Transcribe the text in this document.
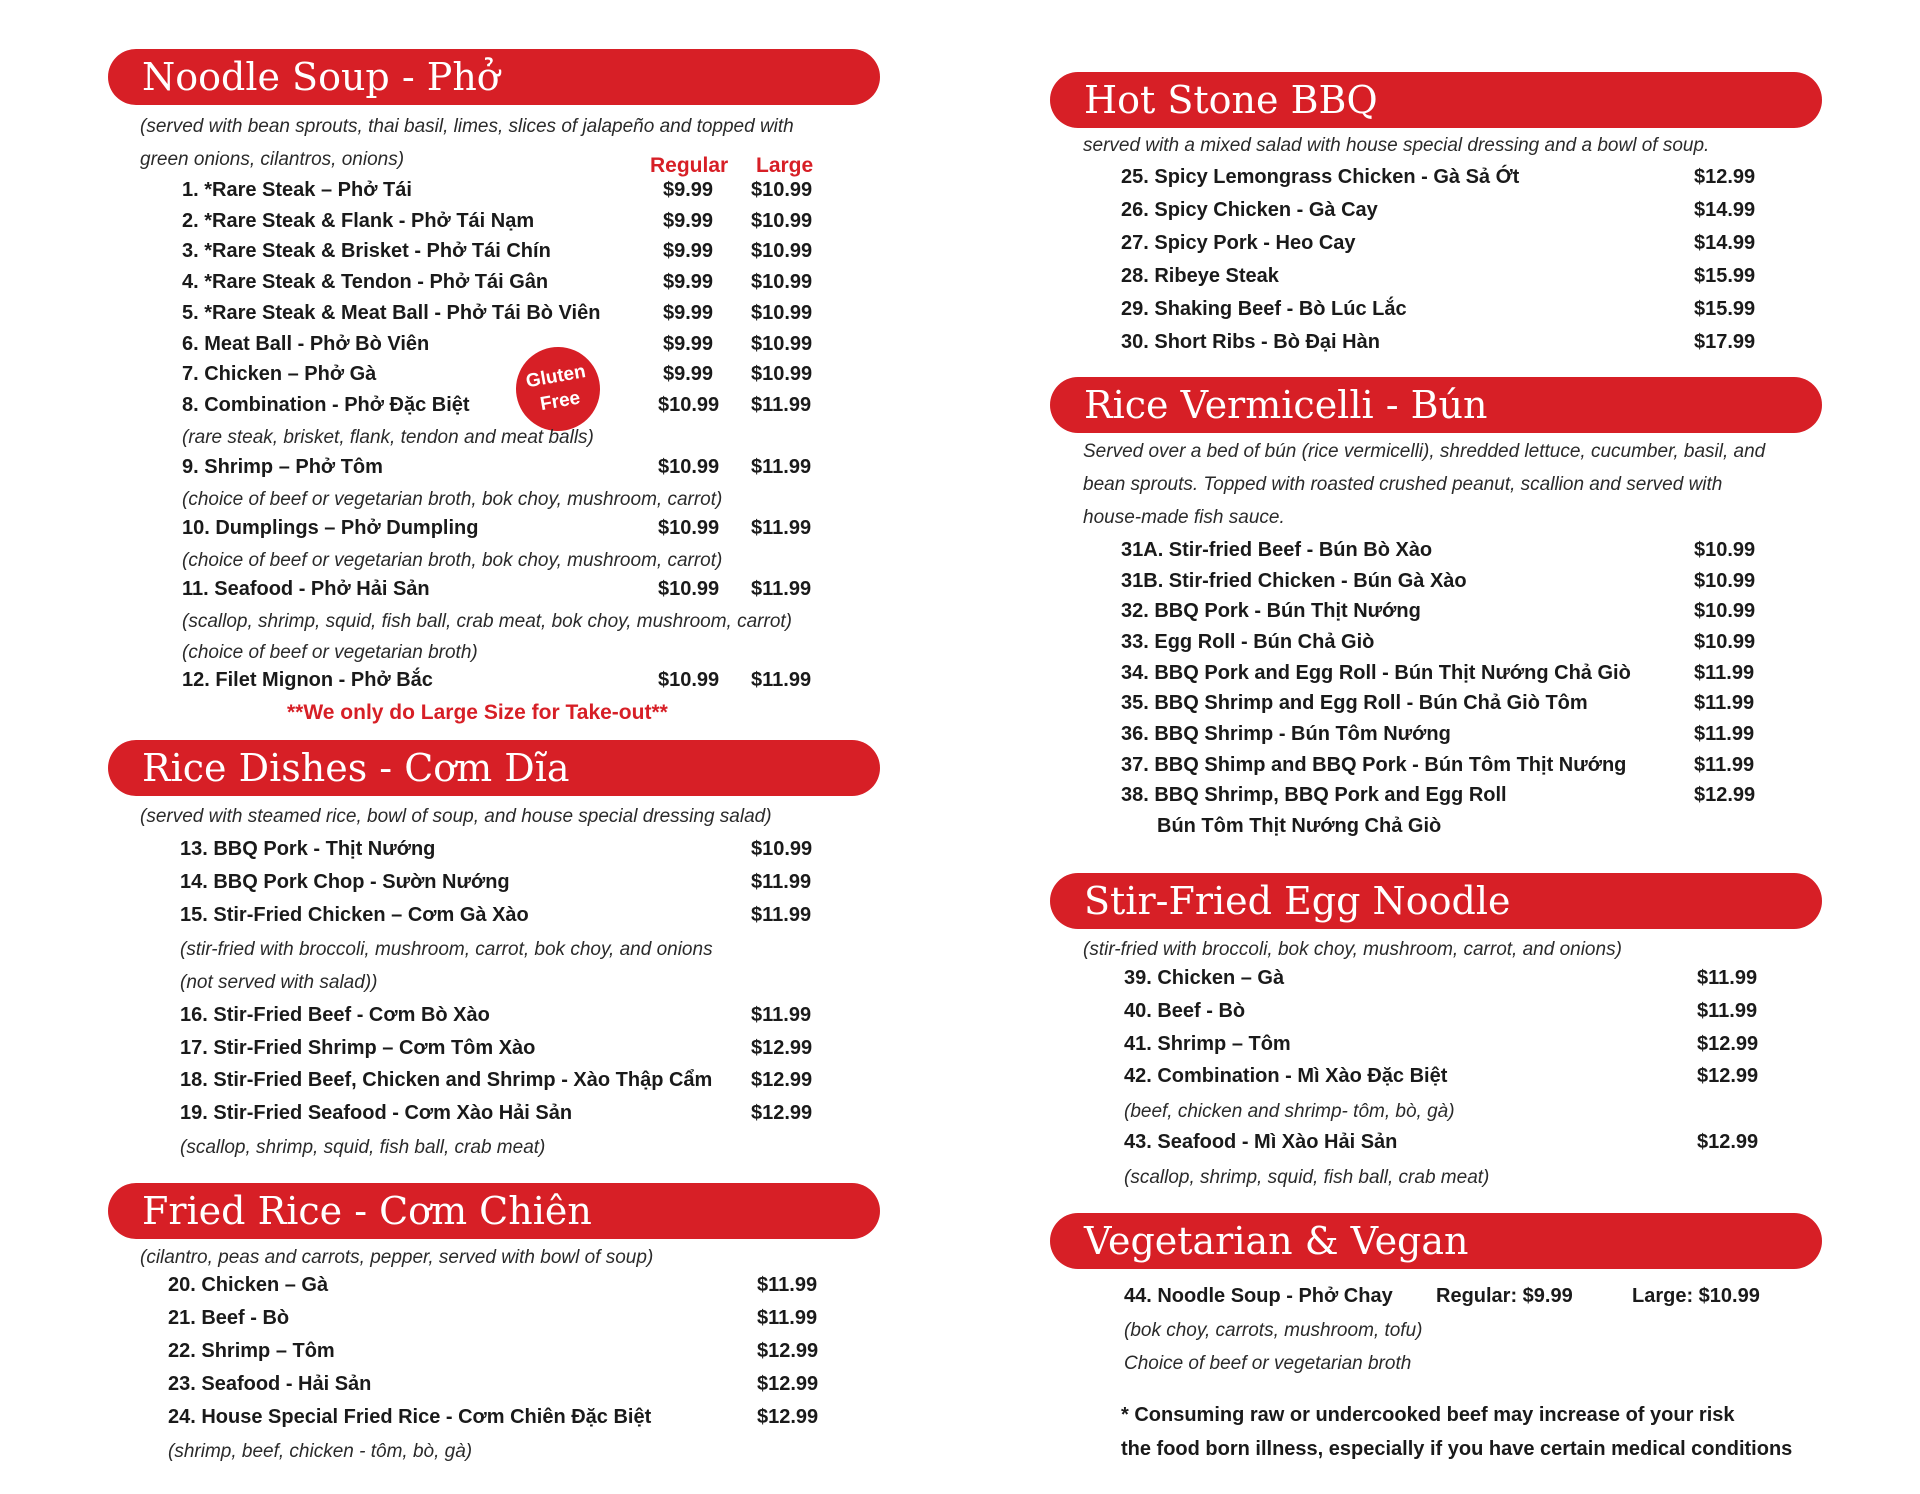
Noodle Soup - Phở
(served with bean sprouts, thai basil, limes, slices of jalapeño and topped with
green onions, cilantros, onions)	Regular Large
Gluten
Free
1. *Rare Steak – Phở Tái	$9.99 $10.99
2. *Rare Steak & Flank - Phở Tái Nạm	$9.99 $10.99
3. *Rare Steak & Brisket - Phở Tái Chín	$9.99 $10.99
4. *Rare Steak & Tendon - Phở Tái Gân	$9.99 $10.99
5. *Rare Steak & Meat Ball - Phở Tái Bò Viên	$9.99 $10.99
6. Meat Ball - Phở Bò Viên	$9.99 $10.99
7. Chicken – Phở Gà	$9.99 $10.99
8. Combination - Phở Đặc Biệt	$10.99 $11.99
9. Shrimp – Phở Tôm	$10.99 $11.99
10. Dumplings – Phở Dumpling	$10.99 $11.99
11. Seafood - Phở Hải Sản	$10.99 $11.99
12. Filet Mignon - Phở Bắc	$10.99 $11.99
(rare steak, brisket, flank, tendon and meat balls)
(choice of beef or vegetarian broth, bok choy, mushroom, carrot)
(choice of beef or vegetarian broth, bok choy, mushroom, carrot)
(scallop, shrimp, squid, fish ball, crab meat, bok choy, mushroom, carrot)
(choice of beef or vegetarian broth)
**We only do Large Size for Take-out**
Rice Dishes - Cơm Dĩa
(served with steamed rice, bowl of soup, and house special dressing salad)
13. BBQ Pork - Thịt Nướng	$10.99
14. BBQ Pork Chop - Sườn Nướng	$11.99
15. Stir-Fried Chicken – Cơm Gà Xào	$11.99
16. Stir-Fried Beef - Cơm Bò Xào	$11.99
17. Stir-Fried Shrimp – Cơm Tôm Xào	$12.99
18. Stir-Fried Beef, Chicken and Shrimp - Xào Thập Cẩm $12.99
19. Stir-Fried Seafood - Cơm Xào Hải Sản	$12.99
(stir-fried with broccoli, mushroom, carrot, bok choy, and onions
(not served with salad))
(scallop, shrimp, squid, fish ball, crab meat)
Fried Rice - Cơm Chiên
(cilantro, peas and carrots, pepper, served with bowl of soup)
20. Chicken – Gà	$11.99
21. Beef - Bò	$11.99
22. Shrimp – Tôm	$12.99
23. Seafood - Hải Sản	$12.99
24. House Special Fried Rice - Cơm Chiên Đặc Biệt	$12.99
(shrimp, beef, chicken - tôm, bò, gà)
Hot Stone BBQ
served with a mixed salad with house special dressing and a bowl of soup.
25. Spicy Lemongrass Chicken - Gà Sả Ớt	$12.99
26. Spicy Chicken - Gà Cay	$14.99
27. Spicy Pork - Heo Cay	$14.99
28. Ribeye Steak	$15.99
29. Shaking Beef - Bò Lúc Lắc	$15.99
30. Short Ribs - Bò Đại Hàn	$17.99
Rice Vermicelli - Bún
Served over a bed of bún (rice vermicelli), shredded lettuce, cucumber, basil, and
bean sprouts. Topped with roasted crushed peanut, scallion and served with
house-made fish sauce.
31A. Stir-fried Beef - Bún Bò Xào	$10.99
31B. Stir-fried Chicken - Bún Gà Xào	$10.99
32. BBQ Pork - Bún Thịt Nướng	$10.99
33. Egg Roll - Bún Chả Giò	$10.99
34. BBQ Pork and Egg Roll - Bún Thịt Nướng Chả Giò	$11.99
35. BBQ Shrimp and Egg Roll - Bún Chả Giò Tôm	$11.99
36. BBQ Shrimp - Bún Tôm Nướng	$11.99
37. BBQ Shimp and BBQ Pork - Bún Tôm Thịt Nướng	$11.99
38. BBQ Shrimp, BBQ Pork and Egg Roll	$12.99
Bún Tôm Thịt Nướng Chả Giò
Stir-Fried Egg Noodle
(stir-fried with broccoli, bok choy, mushroom, carrot, and onions)
39. Chicken – Gà	$11.99
40. Beef - Bò	$11.99
41. Shrimp – Tôm	$12.99
42. Combination - Mì Xào Đặc Biệt	$12.99
43. Seafood - Mì Xào Hải Sản	$12.99
(beef, chicken and shrimp- tôm, bò, gà)
(scallop, shrimp, squid, fish ball, crab meat)
Vegetarian & Vegan
44. Noodle Soup - Phở Chay Regular: $9.99	Large: $10.99
(bok choy, carrots, mushroom, tofu)
Choice of beef or vegetarian broth
* Consuming raw or undercooked beef may increase of your risk
the food born illness, especially if you have certain medical conditions
